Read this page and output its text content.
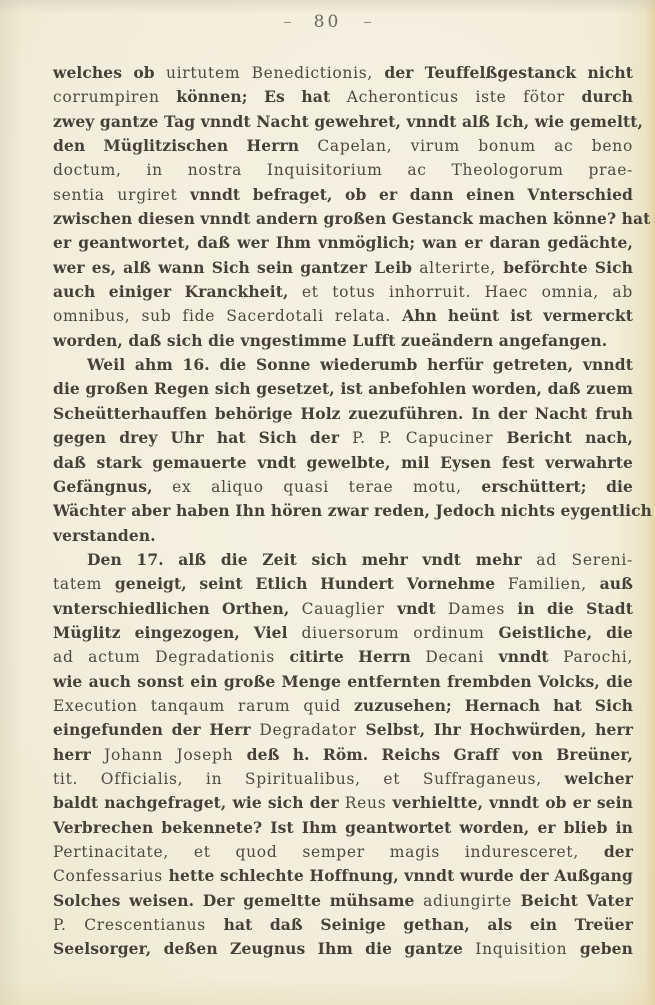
– 80 –
welches ob uirtutem Benedictionis, der Teuffelßgestanck nicht
corrumpiren können; Es hat Acheronticus iste fötor durch
zwey gantze Tag vnndt Nacht gewehret, vnndt alß Ich, wie gemeltt,
den Müglitzischen Herrn Capelan, virum bonum ac beno
doctum, in nostra Inquisitorium ac Theologorum prae-
sentia urgiret vnndt befraget, ob er dann einen Vnterschied
zwischen diesen vnndt andern großen Gestanck machen könne? hat
er geantwortet, daß wer Ihm vnmöglich; wan er daran gedächte,
wer es, alß wann Sich sein gantzer Leib alterirte, beförchte Sich
auch einiger Kranckheit, et totus inhorruit. Haec omnia, ab
omnibus, sub fide Sacerdotali relata. Ahn heünt ist vermerckt
worden, daß sich die vngestimme Lufft zueändern angefangen.
Weil ahm 16. die Sonne wiederumb herfür getreten, vnndt
die großen Regen sich gesetzet, ist anbefohlen worden, daß zuem
Scheütterhauffen behörige Holz zuezuführen. In der Nacht fruh
gegen drey Uhr hat Sich der P. P. Capuciner Bericht nach,
daß stark gemauerte vndt gewelbte, mil Eysen fest verwahrte
Gefängnus, ex aliquo quasi terae motu, erschüttert; die
Wächter aber haben Ihn hören zwar reden, Jedoch nichts eygentlich
verstanden.
Den 17. alß die Zeit sich mehr vndt mehr ad Sereni-
tatem geneigt, seint Etlich Hundert Vornehme Familien, auß
vnterschiedlichen Orthen, Cauaglier vndt Dames in die Stadt
Müglitz eingezogen, Viel diuersorum ordinum Geistliche, die
ad actum Degradationis citirte Herrn Decani vnndt Parochi,
wie auch sonst ein große Menge entfernten frembden Volcks, die
Execution tanqaum rarum quid zuzusehen; Hernach hat Sich
eingefunden der Herr Degradator Selbst, Ihr Hochwürden, herr
herr Johann Joseph deß h. Röm. Reichs Graff von Breüner,
tit. Officialis, in Spiritualibus, et Suffraganeus, welcher
baldt nachgefraget, wie sich der Reus verhieltte, vnndt ob er sein
Verbrechen bekennete? Ist Ihm geantwortet worden, er blieb in
Pertinacitate, et quod semper magis induresceret, der
Confessarius hette schlechte Hoffnung, vnndt wurde der Außgang
Solches weisen. Der gemeltte mühsame adiungirte Beicht Vater
P. Crescentianus hat daß Seinige gethan, als ein Treüer
Seelsorger, deßen Zeugnus Ihm die gantze Inquisition geben
